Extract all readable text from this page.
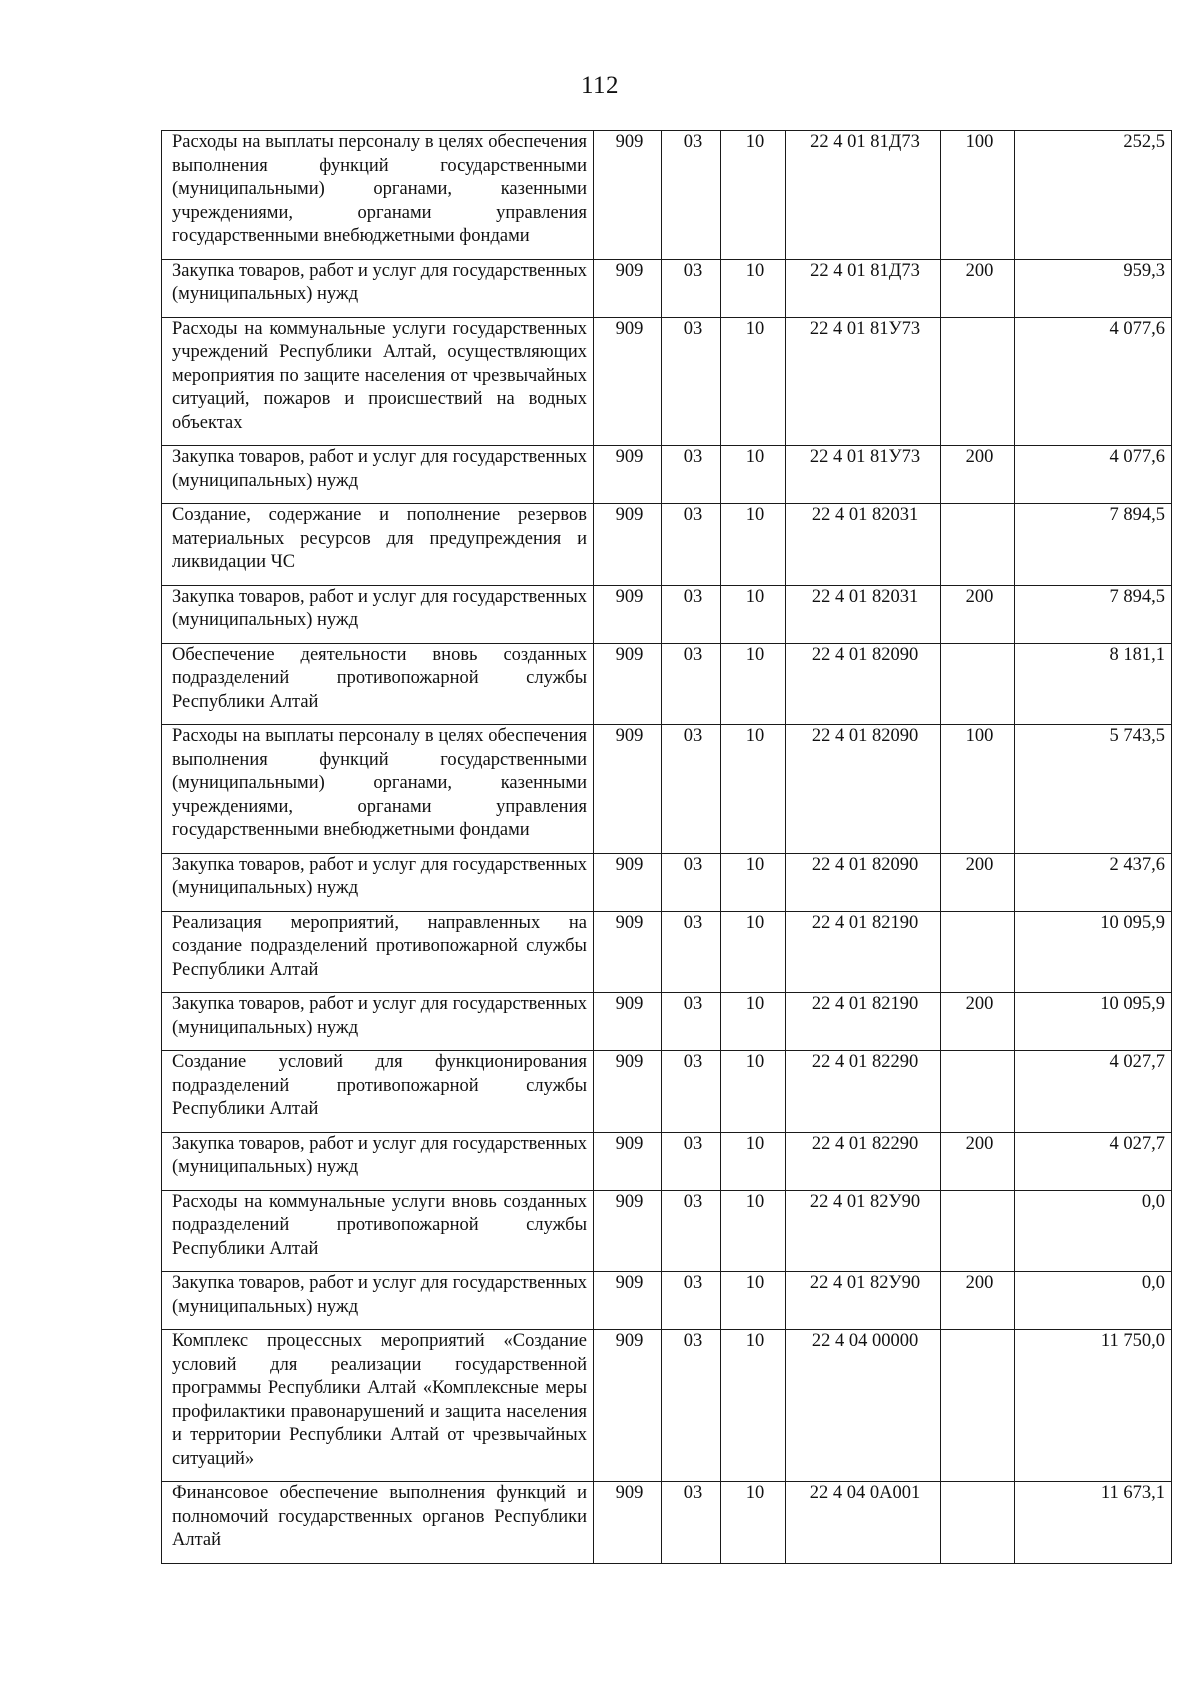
112
Расходы на выплаты персоналу в целях обеспечения выполнения функций государственными (муниципальными) органами, казенными учреждениями, органами управления государственными внебюджетными фондами	909	03	10	22 4 01 81Д73	100	252,5
Закупка товаров, работ и услуг для государственных (муниципальных) нужд	909	03	10	22 4 01 81Д73	200	959,3
Расходы на коммунальные услуги государственных учреждений Республики Алтай, осуществляющих мероприятия по защите населения от чрезвычайных ситуаций, пожаров и происшествий на водных объектах	909	03	10	22 4 01 81У73		4 077,6
Закупка товаров, работ и услуг для государственных (муниципальных) нужд	909	03	10	22 4 01 81У73	200	4 077,6
Создание, содержание и пополнение резервов материальных ресурсов для предупреждения и ликвидации ЧС	909	03	10	22 4 01 82031		7 894,5
Закупка товаров, работ и услуг для государственных (муниципальных) нужд	909	03	10	22 4 01 82031	200	7 894,5
Обеспечение деятельности вновь созданных подразделений противопожарной службы Республики Алтай	909	03	10	22 4 01 82090		8 181,1
Расходы на выплаты персоналу в целях обеспечения выполнения функций государственными (муниципальными) органами, казенными учреждениями, органами управления государственными внебюджетными фондами	909	03	10	22 4 01 82090	100	5 743,5
Закупка товаров, работ и услуг для государственных (муниципальных) нужд	909	03	10	22 4 01 82090	200	2 437,6
Реализация мероприятий, направленных на создание подразделений противопожарной службы Республики Алтай	909	03	10	22 4 01 82190		10 095,9
Закупка товаров, работ и услуг для государственных (муниципальных) нужд	909	03	10	22 4 01 82190	200	10 095,9
Создание условий для функционирования подразделений противопожарной службы Республики Алтай	909	03	10	22 4 01 82290		4 027,7
Закупка товаров, работ и услуг для государственных (муниципальных) нужд	909	03	10	22 4 01 82290	200	4 027,7
Расходы на коммунальные услуги вновь созданных подразделений противопожарной службы Республики Алтай	909	03	10	22 4 01 82У90		0,0
Закупка товаров, работ и услуг для государственных (муниципальных) нужд	909	03	10	22 4 01 82У90	200	0,0
Комплекс процессных мероприятий «Создание условий для реализации государственной программы Республики Алтай «Комплексные меры профилактики правонарушений и защита населения и территории Республики Алтай от чрезвычайных ситуаций»	909	03	10	22 4 04 00000		11 750,0
Финансовое обеспечение выполнения функций и полномочий государственных органов Республики Алтай	909	03	10	22 4 04 0А001		11 673,1
